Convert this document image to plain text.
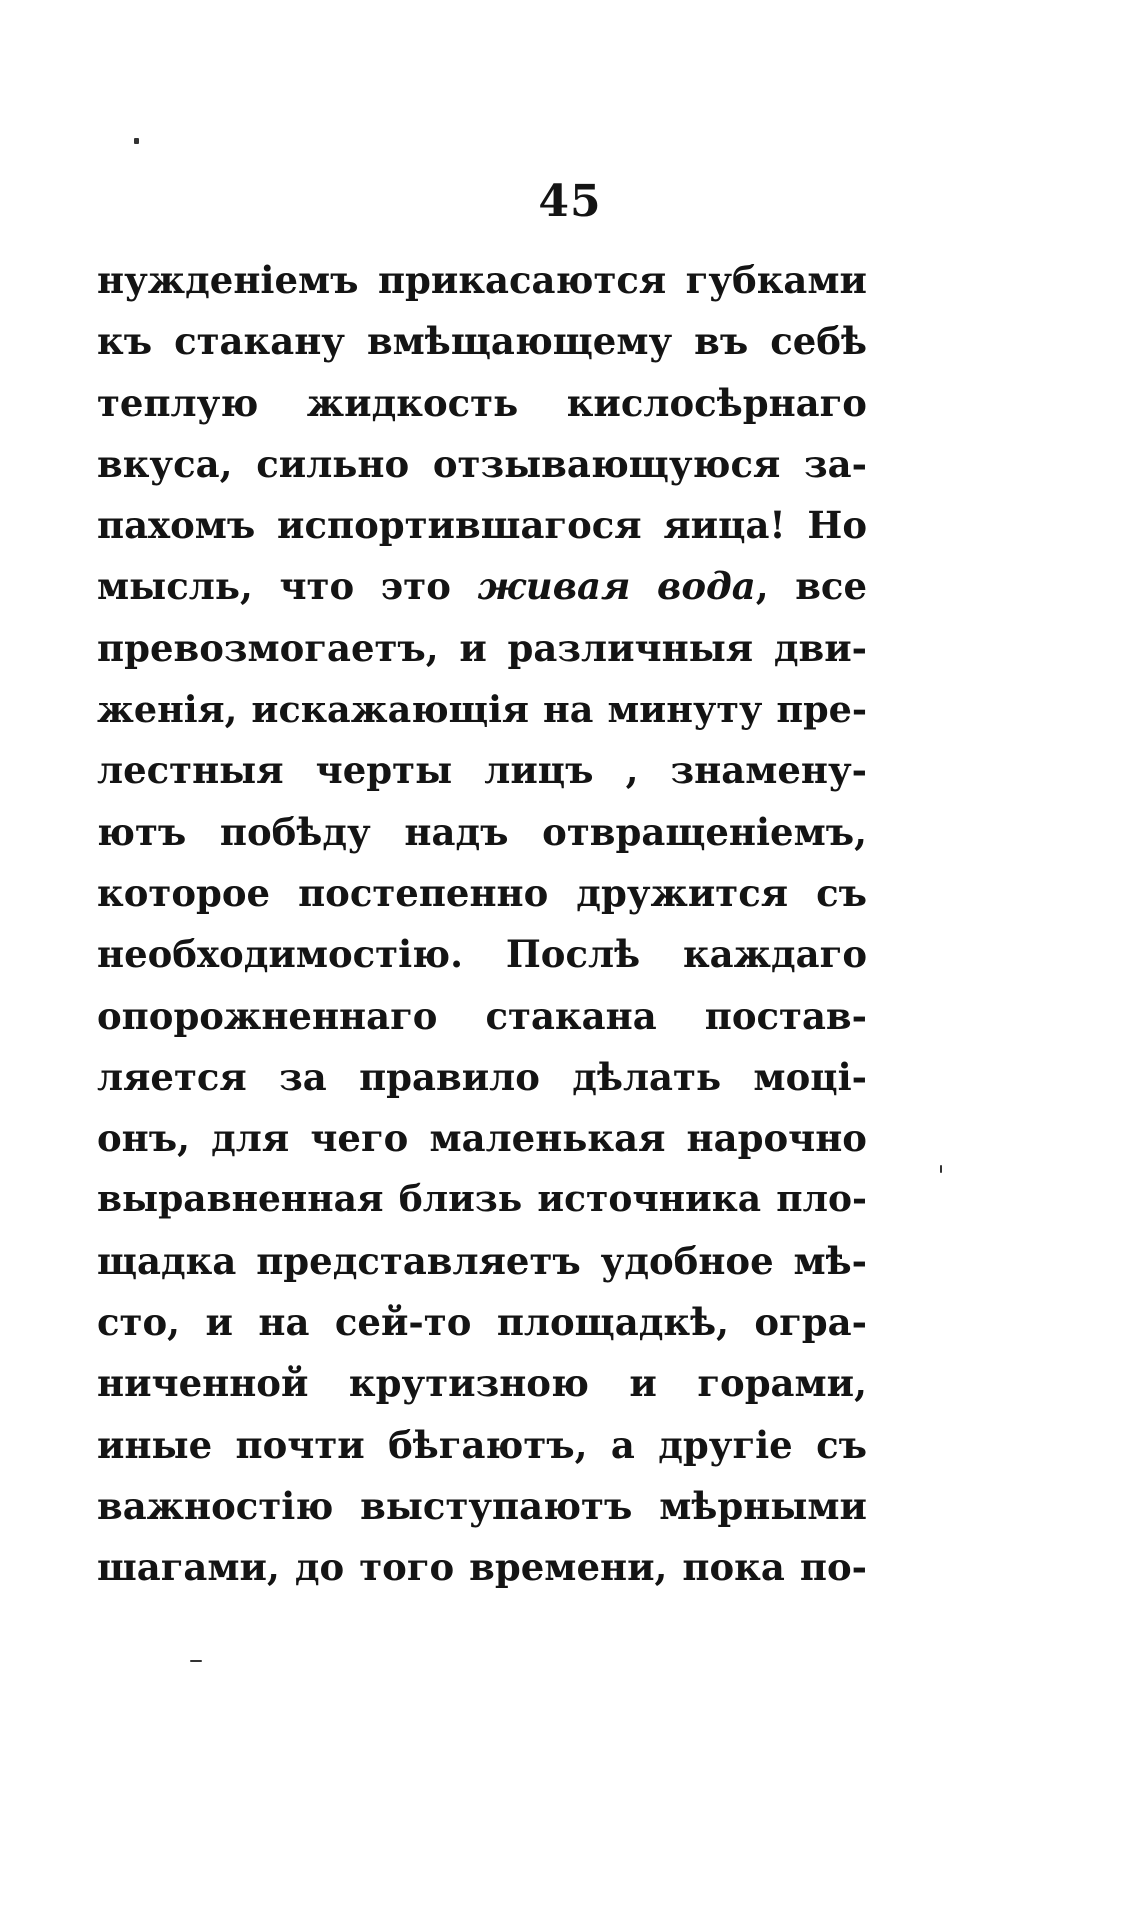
45
нужденіемъ прикасаются губками
къ стакану вмѣщающему въ себѣ
теплую жидкость кислосѣрнаго
вкуса, сильно отзывающуюся за-
пахомъ испортившагося яица! Но
мысль, что это живая вода, все
превозмогаетъ, и различныя дви-
женія, искажающія на минуту пре-
лестныя черты лицъ , знамену-
ютъ побѣду надъ отвращеніемъ,
которое постепенно дружится съ
необходимостію. Послѣ каждаго
опорожненнаго стакана постав-
ляется за правило дѣлать моці-
онъ, для чего маленькая нарочно
выравненная близь источника пло-
щадка представляетъ удобное мѣ-
сто, и на сей-то площадкѣ, огра-
ниченной крутизною и горами,
иные почти бѣгаютъ, а другіе съ
важностію выступаютъ мѣрными
шагами, до того времени, пока по-
